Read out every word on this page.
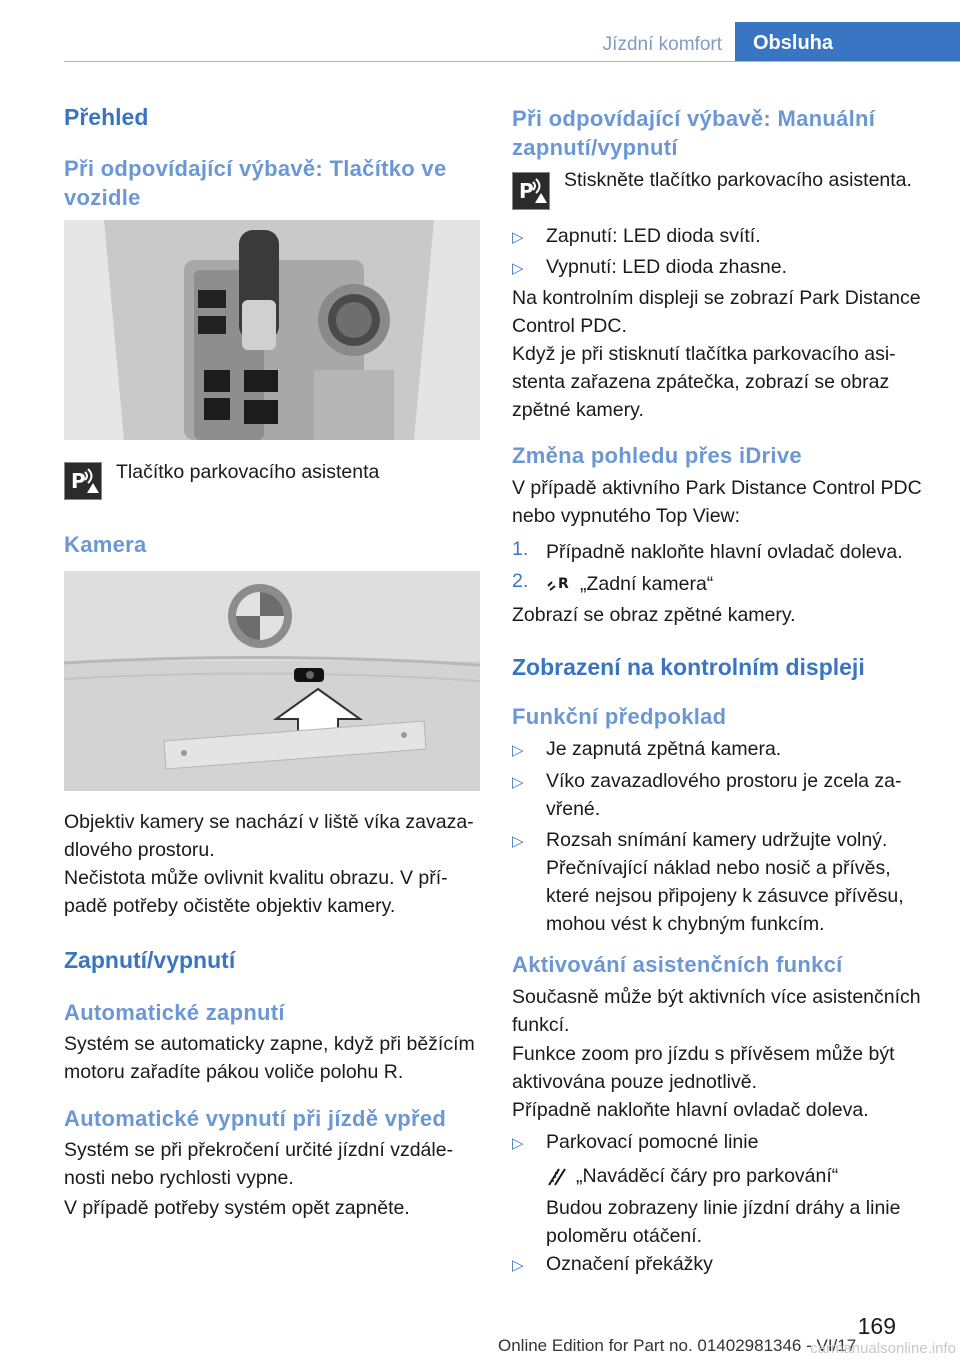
Jízdní komfort	Obsluha
Přehled
Při odpovídající výbavě: Tlačítko ve vozidle
P Tlačítko parkovacího asistenta
Kamera

Objektiv kamery se nachází v liště víka zavaza-dlového prostoru.

Nečistota může ovlivnit kvalitu obrazu. V pří-padě potřeby očistěte objektiv kamery.

Zapnutí/vypnutí
Automatické zapnutí

Systém se automaticky zapne, když při běžícím motoru zařadíte pákou voliče polohu R.

Automatické vypnutí při jízdě vpřed

Systém se při překročení určité jízdní vzdále-nosti nebo rychlosti vypne.

V případě potřeby systém opět zapněte.

Při odpovídající výbavě: Manuální zapnutí/vypnutí
P Stiskněte tlačítko parkovacího asistenta.

▷ Zapnutí: LED dioda svítí.

▷ Vypnutí: LED dioda zhasne.

Na kontrolním displeji se zobrazí Park Distance Control PDC.

Když je při stisknutí tlačítka parkovacího asi-stenta zařazena zpátečka, zobrazí se obraz zpětné kamery.

Změna pohledu přes iDrive

V případě aktivního Park Distance Control PDC nebo vypnutého Top View:

1. Případně nakloňte hlavní ovladač doleva.

2. R „Zadní kamera“

Zobrazí se obraz zpětné kamery.

Zobrazení na kontrolním displeji
Funkční předpoklad
▷ Je zapnutá zpětná kamera.

▷ Víko zavazadlového prostoru je zcela za-vřené.

▷ Rozsah snímání kamery udržujte volný. Přečnívající náklad nebo nosič a přívěs, které nejsou připojeny k zásuvce přívěsu, mohou vést k chybným funkcím.

Aktivování asistenčních funkcí

Současně může být aktivních více asistenčních funkcí.

Funkce zoom pro jízdu s přívěsem může být aktivována pouze jednotlivě.

Případně nakloňte hlavní ovladač doleva.

▷ Parkovací pomocné linie

„Naváděcí čáry pro parkování“

Budou zobrazeny linie jízdní dráhy a linie poloměru otáčení.

▷ Označení překážky

169
Online Edition for Part no. 01402981346 - VI/17
carmanualsonline.info
